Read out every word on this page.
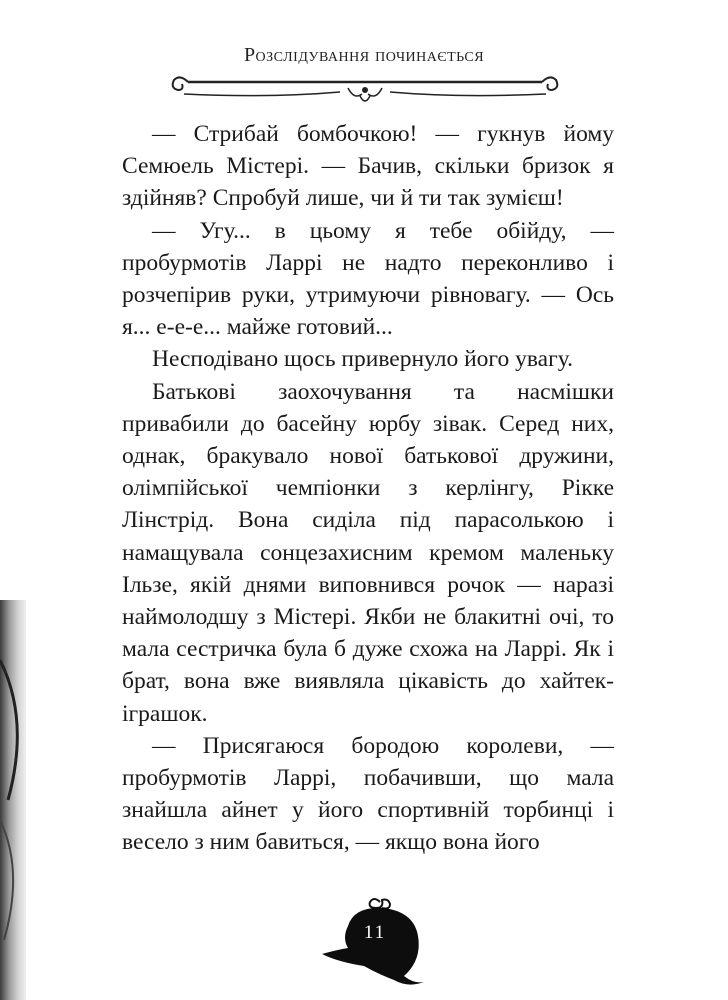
Розслідування починається

— Стрибай бомбочкою! — гукнув йому Семюель Містері. — Бачив, скільки бризок я здійняв? Спробуй лише, чи й ти так зумієш!

— Угу... в цьому я тебе обійду, — пробурмотів Ларрі не надто переконливо і розчепірив руки, утримуючи рівновагу. — Ось я... е-е-е... майже готовий...

Несподівано щось привернуло його увагу.

Батькові заохочування та насмішки привабили до басейну юрбу зівак. Серед них, однак, бракувало нової батькової дружини, олімпійської чемпіонки з керлінгу, Рікке Лінстрід. Вона сиділа під парасолькою і намащувала сонцезахисним кремом маленьку Ільзе, якій днями виповнився рочок — наразі наймолодшу з Містері. Якби не блакитні очі, то мала сестричка була б дуже схожа на Ларрі. Як і брат, вона вже виявляла цікавість до хайтек-іграшок.

— Присягаюся бородою королеви, — пробурмотів Ларрі, побачивши, що мала знайшла айнет у його спортивній торбинці і весело з ним бавиться, — якщо вона його

11
